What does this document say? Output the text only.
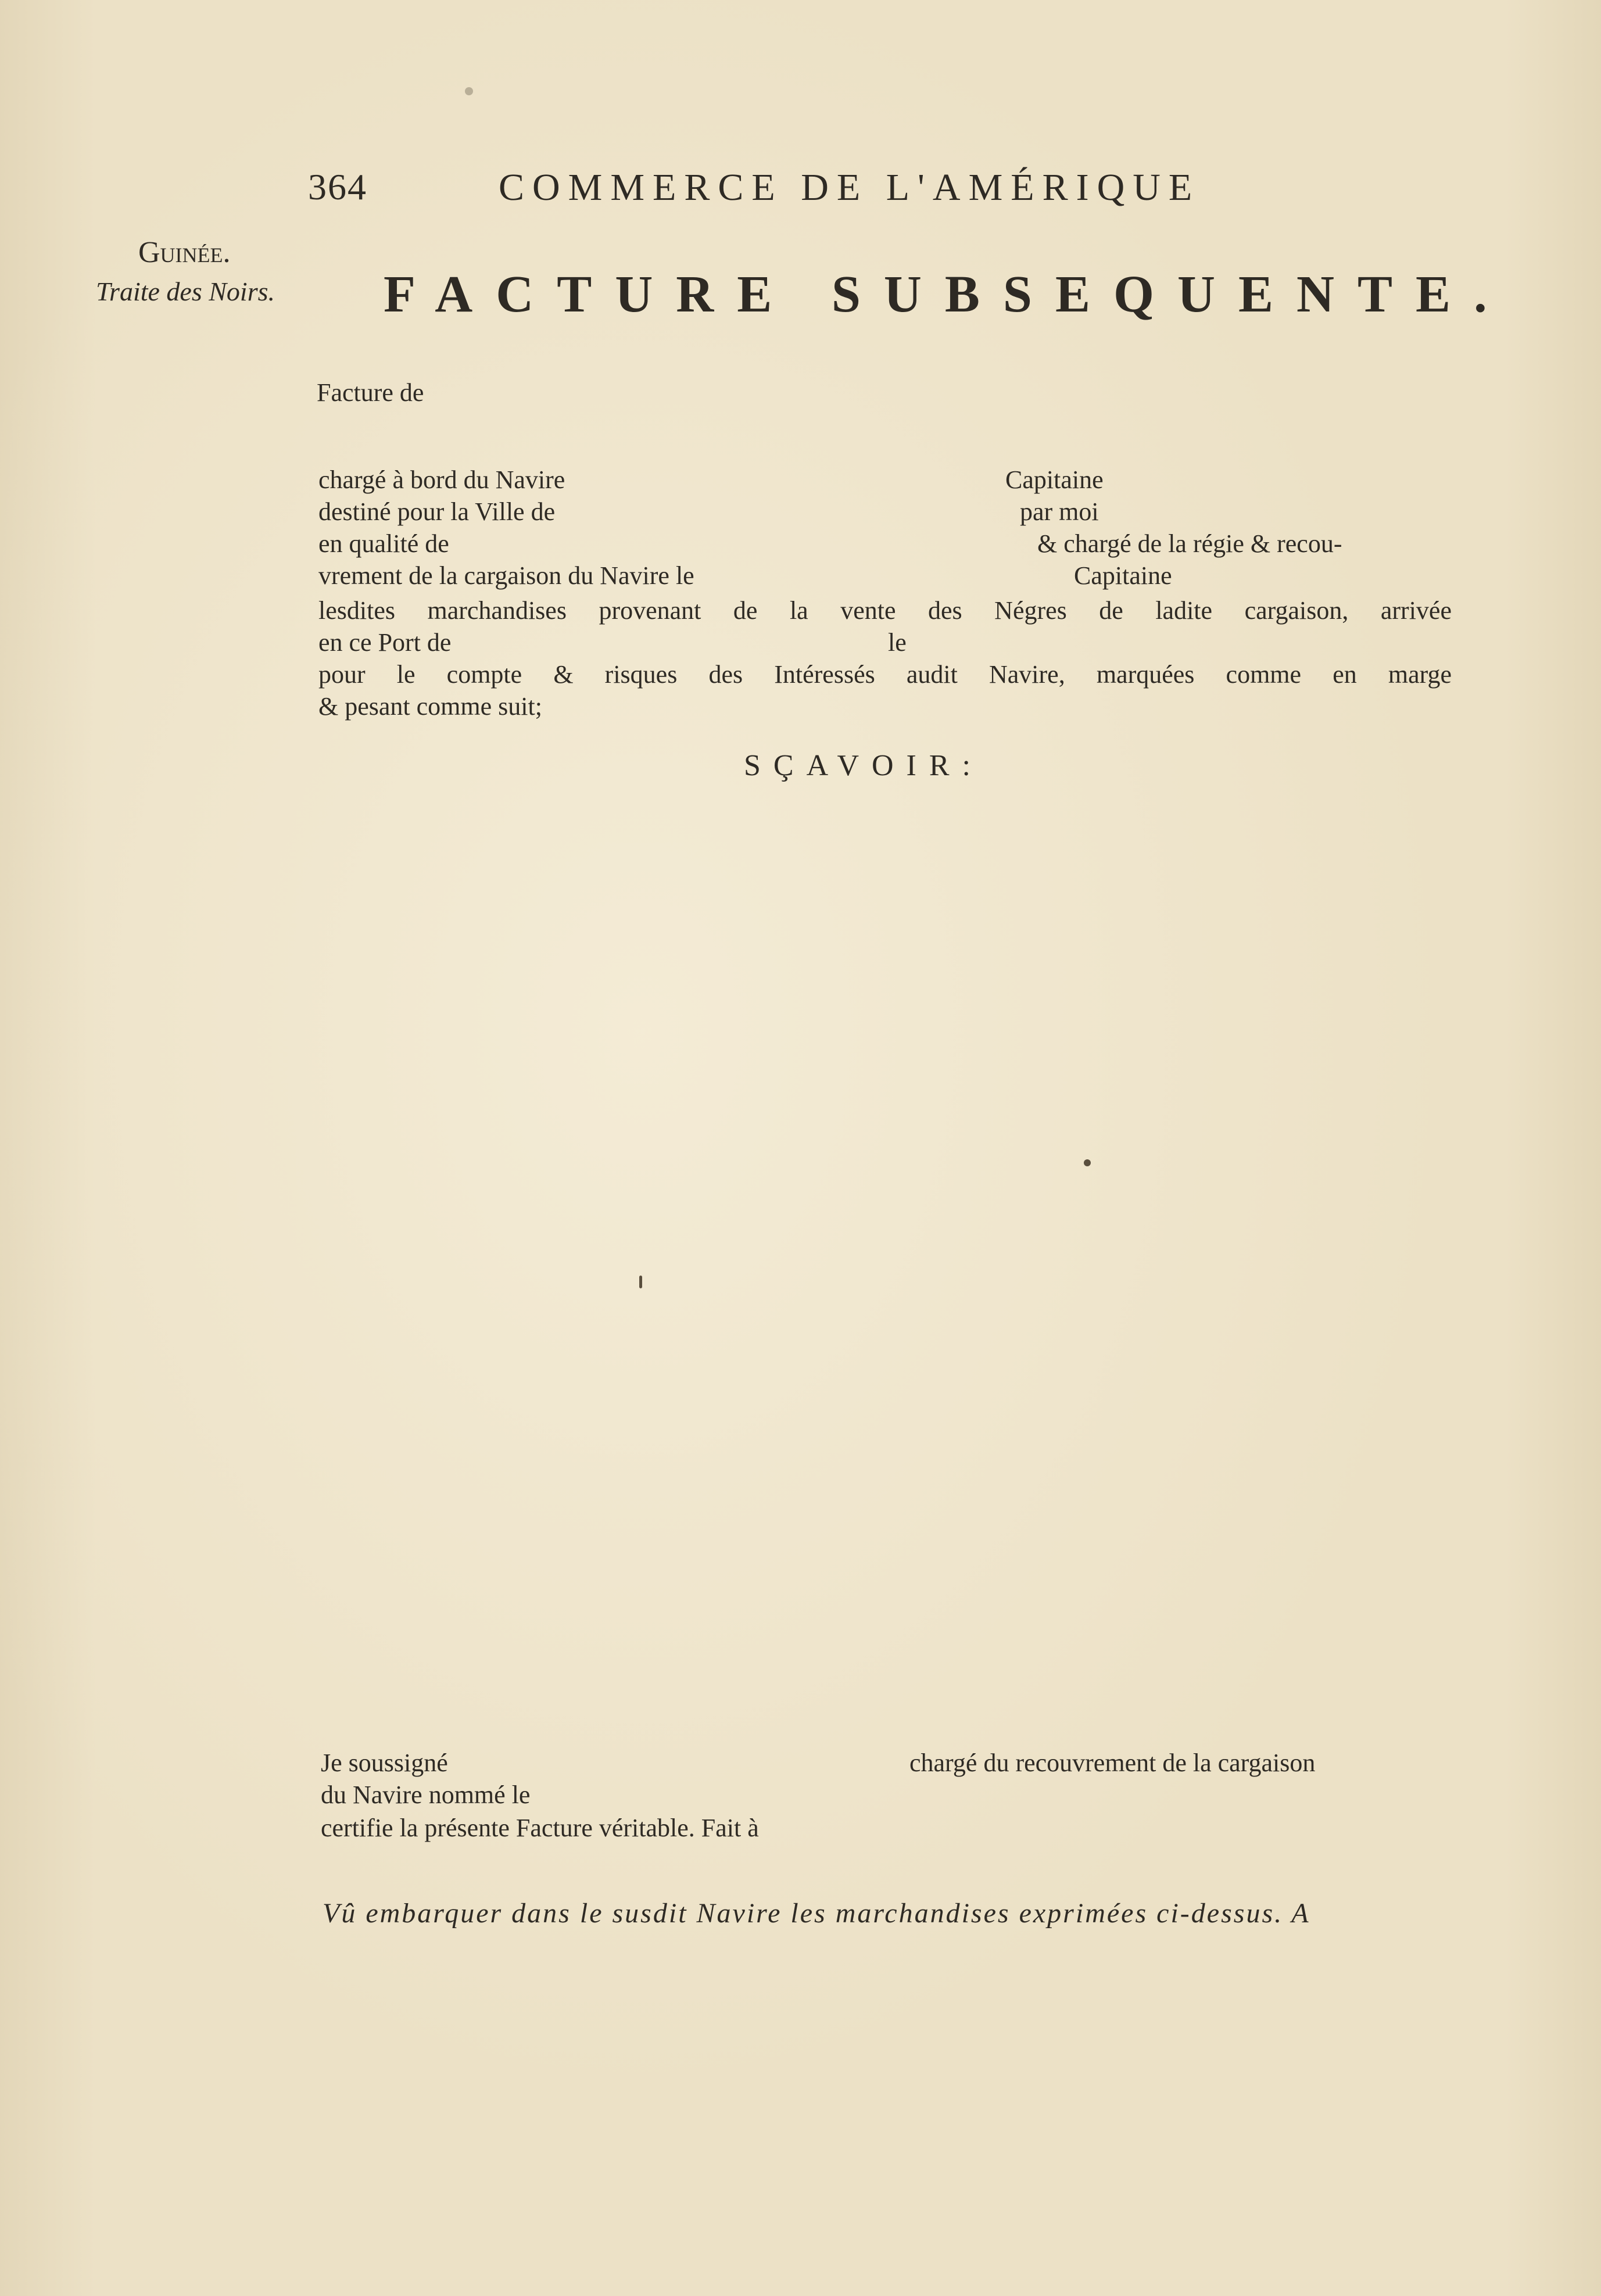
364	COMMERCE DE L'AMÉRIQUE
Guinée.
Traite des Noirs. FACTURE SUBSEQUENTE.
Facture de
chargé à bord du Navire	Capitaine
destiné pour la Ville de	par moi
en qualité de	& chargé de la régie & recou-
vrement de la cargaison du Navire le	Capitaine
lesdites marchandises provenant de la vente des Négres de ladite cargaison, arrivée
en ce Port de	le
pour le compte & risques des Intéressés audit Navire, marquées comme en marge
& pesant comme suit;
SÇAVOIR:
Je soussigné	chargé du recouvrement de la cargaison
du Navire nommé le
certifie la présente Facture véritable. Fait à
Vû embarquer dans le susdit Navire les marchandises exprimées ci-dessus. A
